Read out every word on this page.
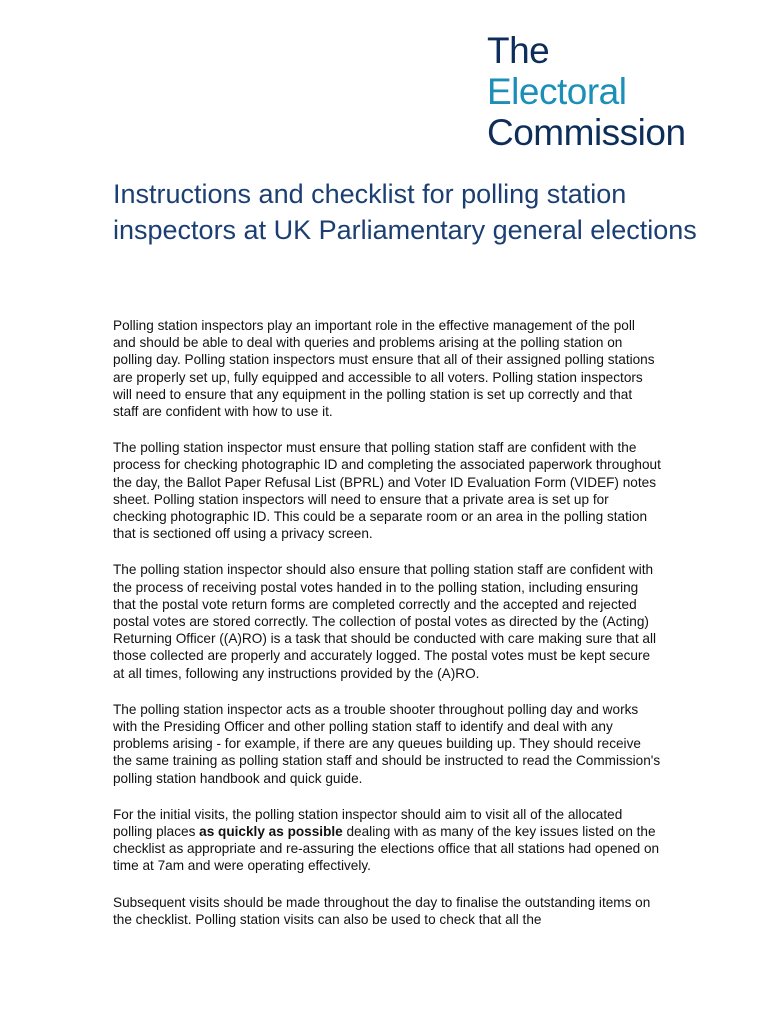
The
Electoral
Commission
Instructions and checklist for polling station inspectors at UK Parliamentary general elections

Polling station inspectors play an important role in the effective management of the poll and should be able to deal with queries and problems arising at the polling station on polling day. Polling station inspectors must ensure that all of their assigned polling stations are properly set up, fully equipped and accessible to all voters. Polling station inspectors will need to ensure that any equipment in the polling station is set up correctly and that staff are confident with how to use it.

The polling station inspector must ensure that polling station staff are confident with the process for checking photographic ID and completing the associated paperwork throughout the day, the Ballot Paper Refusal List (BPRL) and Voter ID Evaluation Form (VIDEF) notes sheet. Polling station inspectors will need to ensure that a private area is set up for checking photographic ID. This could be a separate room or an area in the polling station that is sectioned off using a privacy screen.

The polling station inspector should also ensure that polling station staff are confident with the process of receiving postal votes handed in to the polling station, including ensuring that the postal vote return forms are completed correctly and the accepted and rejected postal votes are stored correctly. The collection of postal votes as directed by the (Acting) Returning Officer ((A)RO) is a task that should be conducted with care making sure that all those collected are properly and accurately logged. The postal votes must be kept secure at all times, following any instructions provided by the (A)RO.

The polling station inspector acts as a trouble shooter throughout polling day and works with the Presiding Officer and other polling station staff to identify and deal with any problems arising - for example, if there are any queues building up. They should receive the same training as polling station staff and should be instructed to read the Commission's polling station handbook and quick guide.

For the initial visits, the polling station inspector should aim to visit all of the allocated polling places as quickly as possible dealing with as many of the key issues listed on the checklist as appropriate and re-assuring the elections office that all stations had opened on time at 7am and were operating effectively.

Subsequent visits should be made throughout the day to finalise the outstanding items on the checklist. Polling station visits can also be used to check that all the
